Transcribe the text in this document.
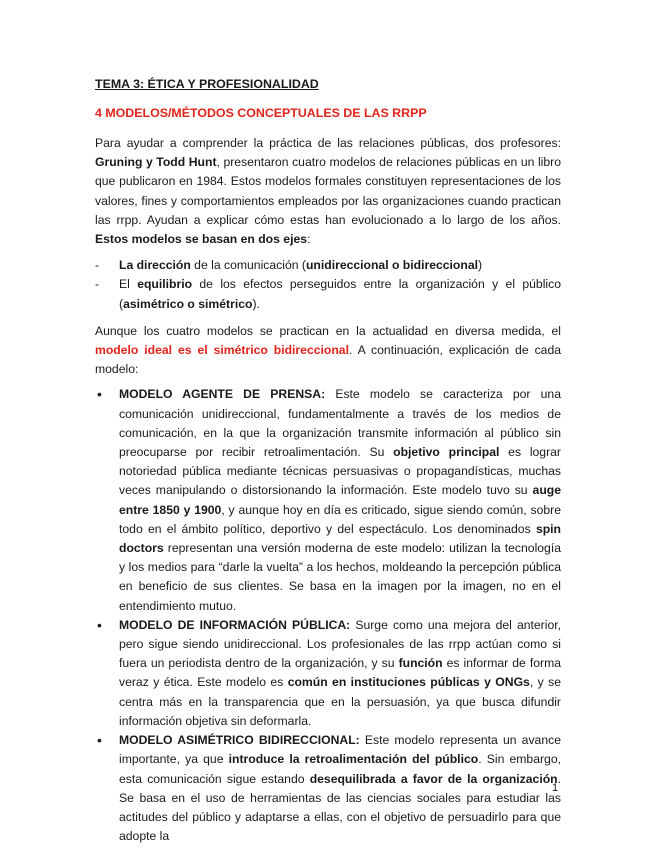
TEMA 3: ÉTICA Y PROFESIONALIDAD
4 MODELOS/MÉTODOS CONCEPTUALES DE LAS RRPP

Para ayudar a comprender la práctica de las relaciones públicas, dos profesores: Gruning y Todd Hunt, presentaron cuatro modelos de relaciones públicas en un libro que publicaron en 1984. Estos modelos formales constituyen representaciones de los valores, fines y comportamientos empleados por las organizaciones cuando practican las rrpp. Ayudan a explicar cómo estas han evolucionado a lo largo de los años. Estos modelos se basan en dos ejes:

- La dirección de la comunicación (unidireccional o bidireccional)
- El equilibrio de los efectos perseguidos entre la organización y el público (asimétrico o simétrico).

Aunque los cuatro modelos se practican en la actualidad en diversa medida, el modelo ideal es el simétrico bidireccional. A continuación, explicación de cada modelo:

• MODELO AGENTE DE PRENSA: Este modelo se caracteriza por una comunicación unidireccional, fundamentalmente a través de los medios de comunicación, en la que la organización transmite información al público sin preocuparse por recibir retroalimentación. Su objetivo principal es lograr notoriedad pública mediante técnicas persuasivas o propagandísticas, muchas veces manipulando o distorsionando la información. Este modelo tuvo su auge entre 1850 y 1900, y aunque hoy en día es criticado, sigue siendo común, sobre todo en el ámbito político, deportivo y del espectáculo. Los denominados spin doctors representan una versión moderna de este modelo: utilizan la tecnología y los medios para “darle la vuelta” a los hechos, moldeando la percepción pública en beneficio de sus clientes. Se basa en la imagen por la imagen, no en el entendimiento mutuo.
• MODELO DE INFORMACIÓN PÚBLICA: Surge como una mejora del anterior, pero sigue siendo unidireccional. Los profesionales de las rrpp actúan como si fuera un periodista dentro de la organización, y su función es informar de forma veraz y ética. Este modelo es común en instituciones públicas y ONGs, y se centra más en la transparencia que en la persuasión, ya que busca difundir información objetiva sin deformarla.
• MODELO ASIMÉTRICO BIDIRECCIONAL: Este modelo representa un avance importante, ya que introduce la retroalimentación del público. Sin embargo, esta comunicación sigue estando desequilibrada a favor de la organización. Se basa en el uso de herramientas de las ciencias sociales para estudiar las actitudes del público y adaptarse a ellas, con el objetivo de persuadirlo para que adopte la
1
